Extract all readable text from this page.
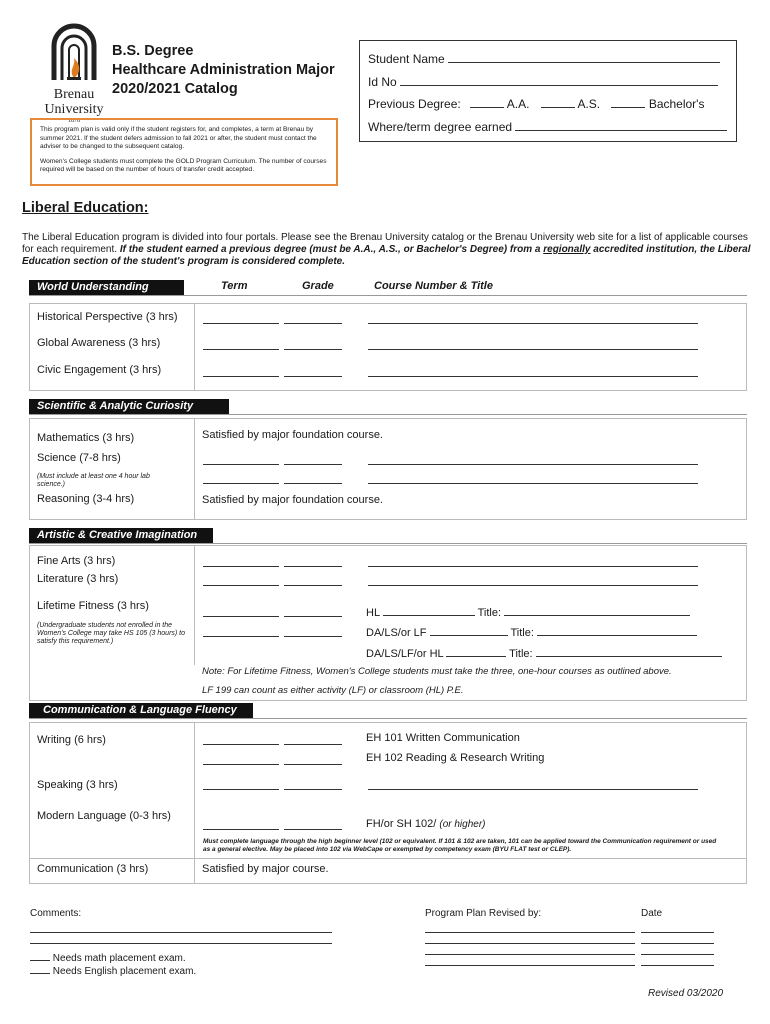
Brenau
University
1878
B.S. Degree
Healthcare Administration Major
2020/2021 Catalog

This program plan is valid only if the student registers for, and completes, a term at Brenau by summer 2021. If the student defers admission to fall 2021 or after, the student must contact the adviser to be changed to the subsequent catalog.

Women's College students must complete the GOLD Program Curriculum. The number of courses required will be based on the number of hours of transfer credit accepted.

Student Name
Id No
Previous Degree:	A.A.	A.S.	Bachelor's
Where/term degree earned
Liberal Education:
The Liberal Education program is divided into four portals. Please see the Brenau University catalog or the Brenau University web site for a list of applicable courses for each requirement. If the student earned a previous degree (must be A.A., A.S., or Bachelor's Degree) from a regionally accredited institution, the Liberal Education section of the student's program is considered complete.
World Understanding	Term	Grade	Course Number & Title
Historical Perspective (3 hrs)
Global Awareness (3 hrs)
Civic Engagement (3 hrs)
Scientific & Analytic Curiosity
Mathematics (3 hrs)	Satisfied by major foundation course.
Science (7-8 hrs)
(Must include at least one 4 hour lab science.)
Reasoning (3-4 hrs)	Satisfied by major foundation course.
Artistic & Creative Imagination
Fine Arts (3 hrs)
Literature (3 hrs)
Lifetime Fitness (3 hrs)
(Undergraduate students not enrolled in the Women's College may take HS 105 (3 hours) to satisfy this requirement.)
HL	Title:
DA/LS/or LF	Title:
DA/LS/LF/or HL	Title:
Note: For Lifetime Fitness, Women's College students must take the three, one-hour courses as outlined above.
LF 199 can count as either activity (LF) or classroom (HL) P.E.
Communication & Language Fluency
Writing (6 hrs)	EH 101 Written Communication
EH 102 Reading & Research Writing
Speaking (3 hrs)
Modern Language (0-3 hrs)
FH/or SH 102/ (or higher)
Must complete language through the high beginner level (102 or equivalent. If 101 & 102 are taken, 101 can be applied toward the Communication requirement or used as a general elective. May be placed into 102 via WebCape or exempted by competency exam (BYU FLAT test or CLEP).
Communication (3 hrs)	Satisfied by major course.
Comments:
Needs math placement exam.
Needs English placement exam.
Program Plan Revised by:	Date
Revised 03/2020
